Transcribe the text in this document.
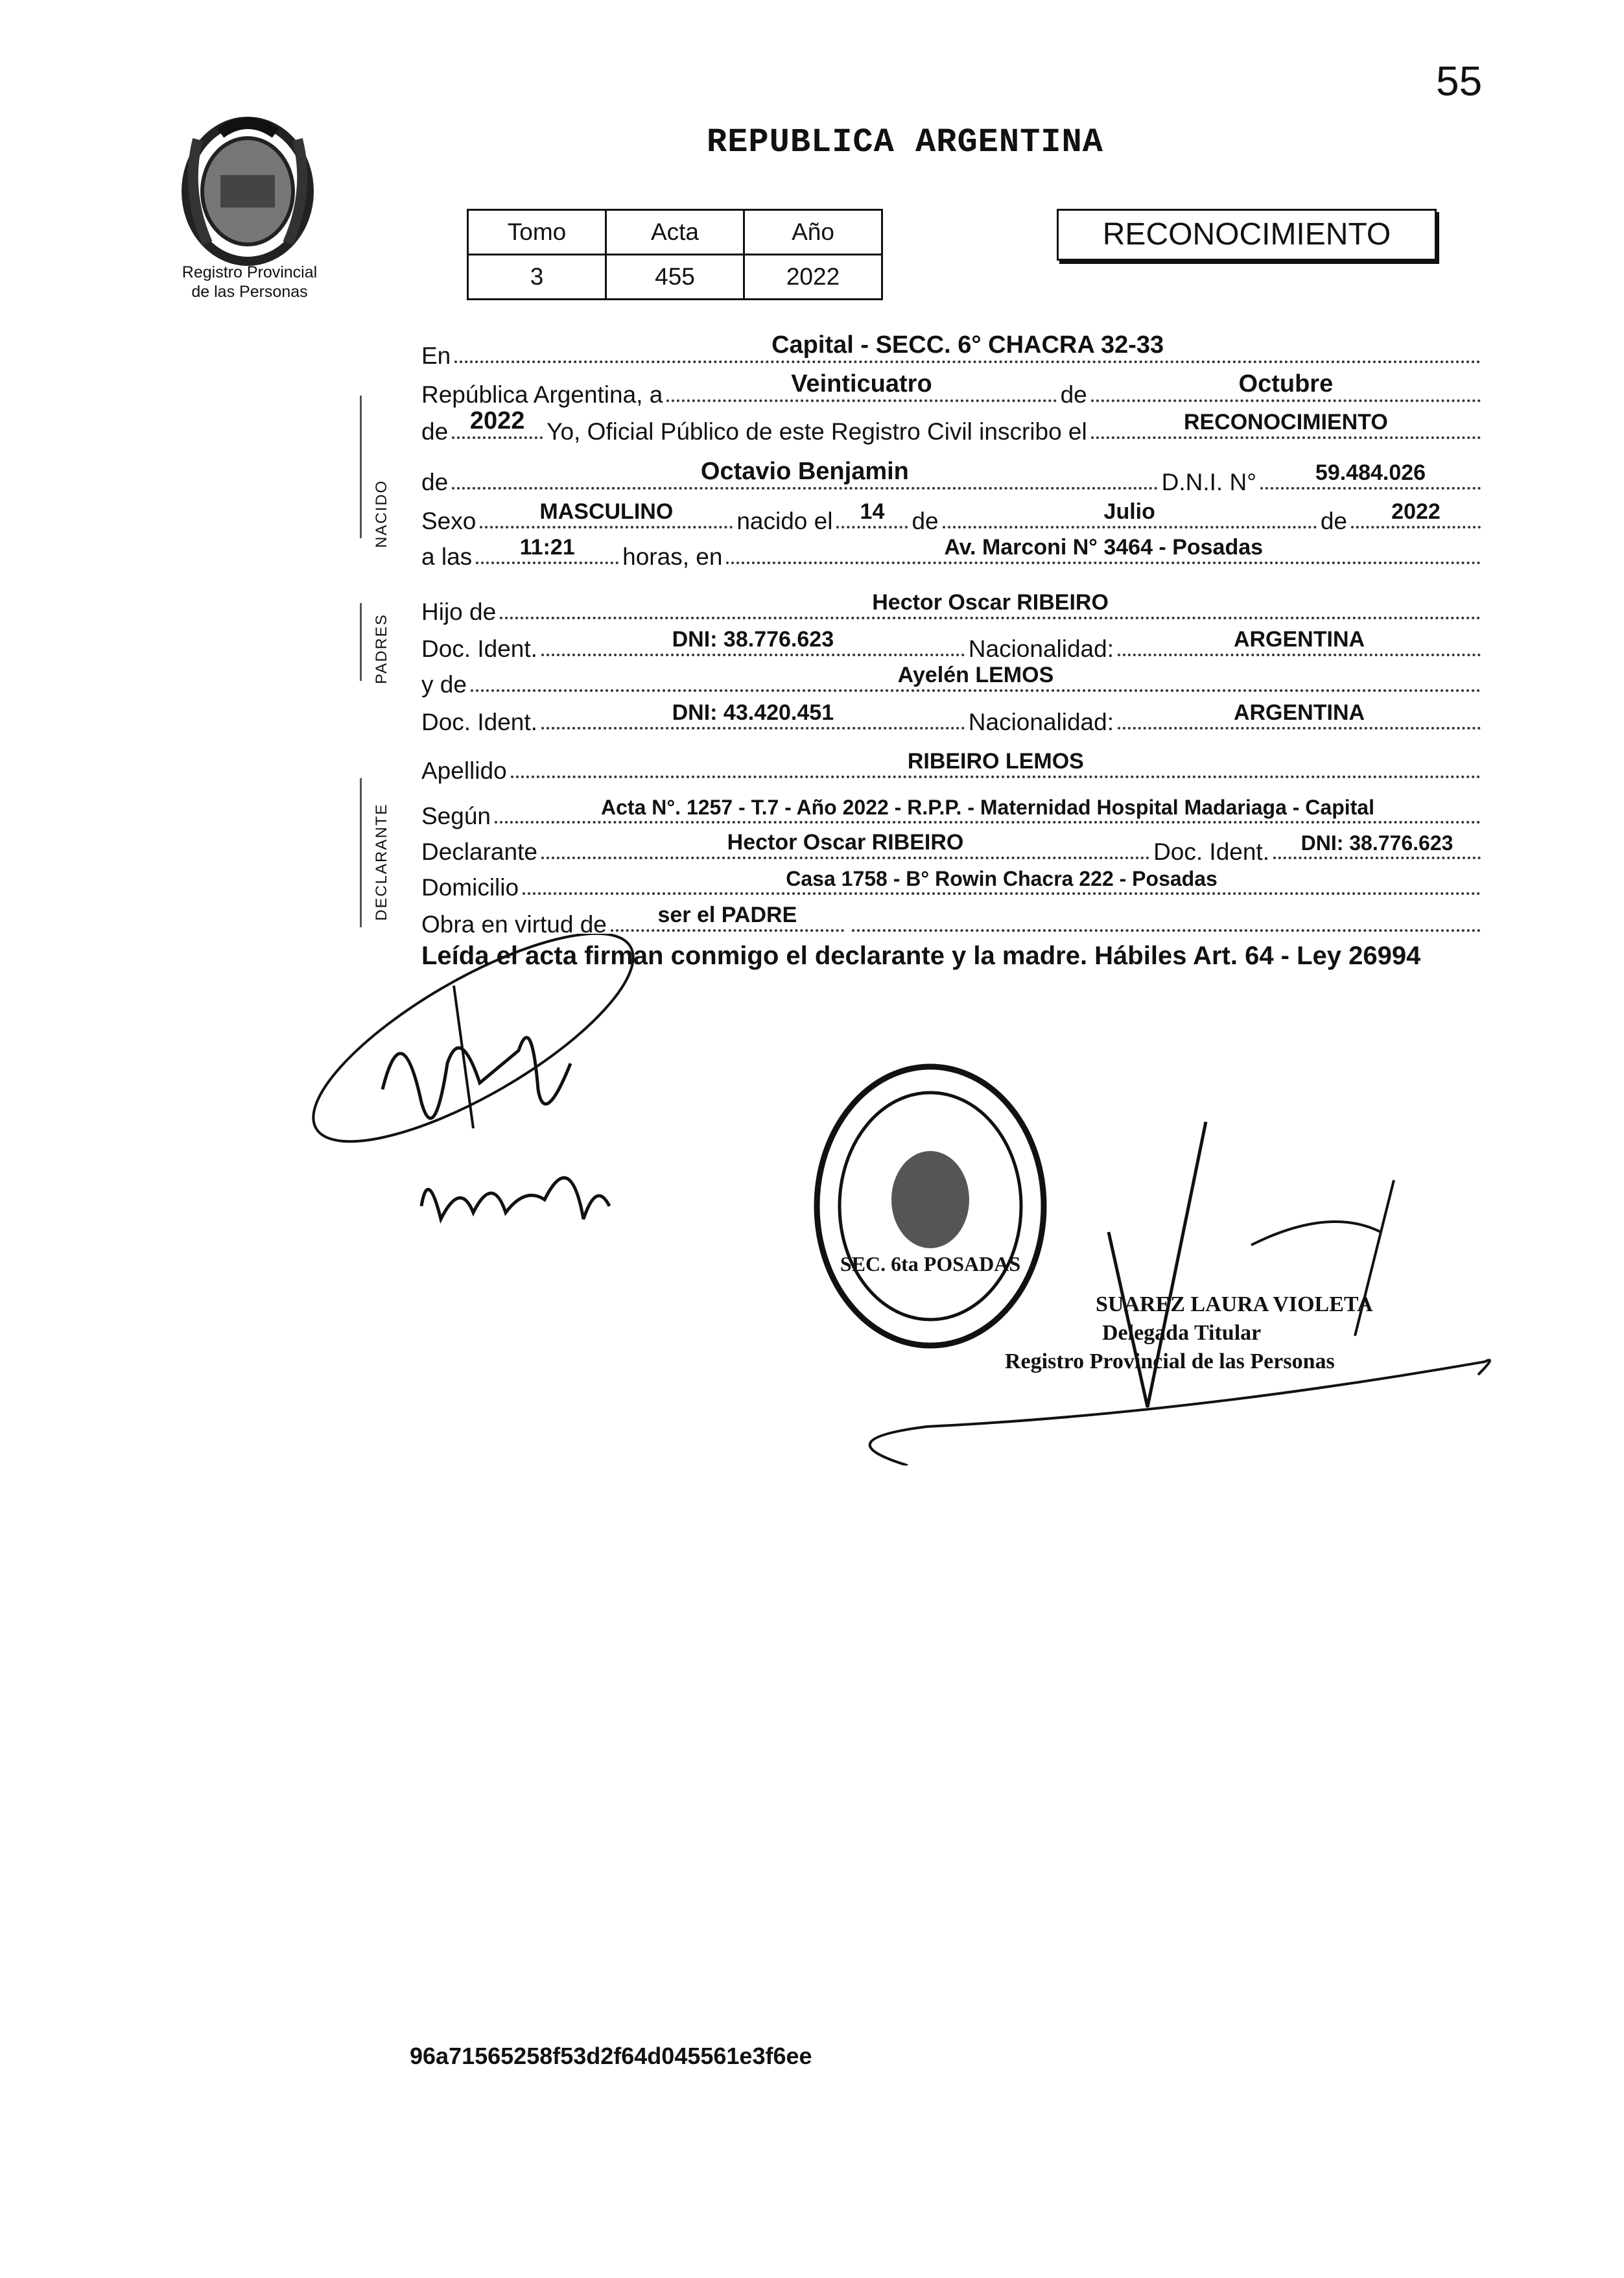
55
Registro Provincial
de las Personas
REPUBLICA ARGENTINA
Tomo	Acta	Año
3	455	2022
RECONOCIMIENTO
NACIDO
PADRES
DECLARANTE
En	Capital - SECC. 6° CHACRA 32-33
República Argentina, a	Veinticuatro	de	Octubre
de 2022 Yo, Oficial Público de este Registro Civil inscribo el	RECONOCIMIENTO
de	Octavio Benjamin	D.N.I. N°	59.484.026
Sexo	MASCULINO	nacido el	14	de	Julio	de	2022
a las	11:21	horas, en	Av. Marconi N° 3464 - Posadas
Hijo de	Hector Oscar RIBEIRO
Doc. Ident.	DNI: 38.776.623	Nacionalidad:	ARGENTINA
y de	Ayelén LEMOS
Doc. Ident.	DNI: 43.420.451	Nacionalidad:	ARGENTINA
Apellido	RIBEIRO LEMOS
Según	Acta N°. 1257 - T.7 - Año 2022 - R.P.P. - Maternidad Hospital Madariaga - Capital
Declarante	Hector Oscar RIBEIRO	Doc. Ident.	DNI: 38.776.623
Domicilio	Casa 1758 - B° Rowin Chacra 222 - Posadas
Obra en virtud de	ser el PADRE
Leída el acta firman conmigo el declarante y la madre. Hábiles Art. 64 - Ley 26994
SEC. 6ta POSADAS
SUAREZ LAURA VIOLETA
Delegada Titular
Registro Provincial de las Personas
96a71565258f53d2f64d045561e3f6ee
